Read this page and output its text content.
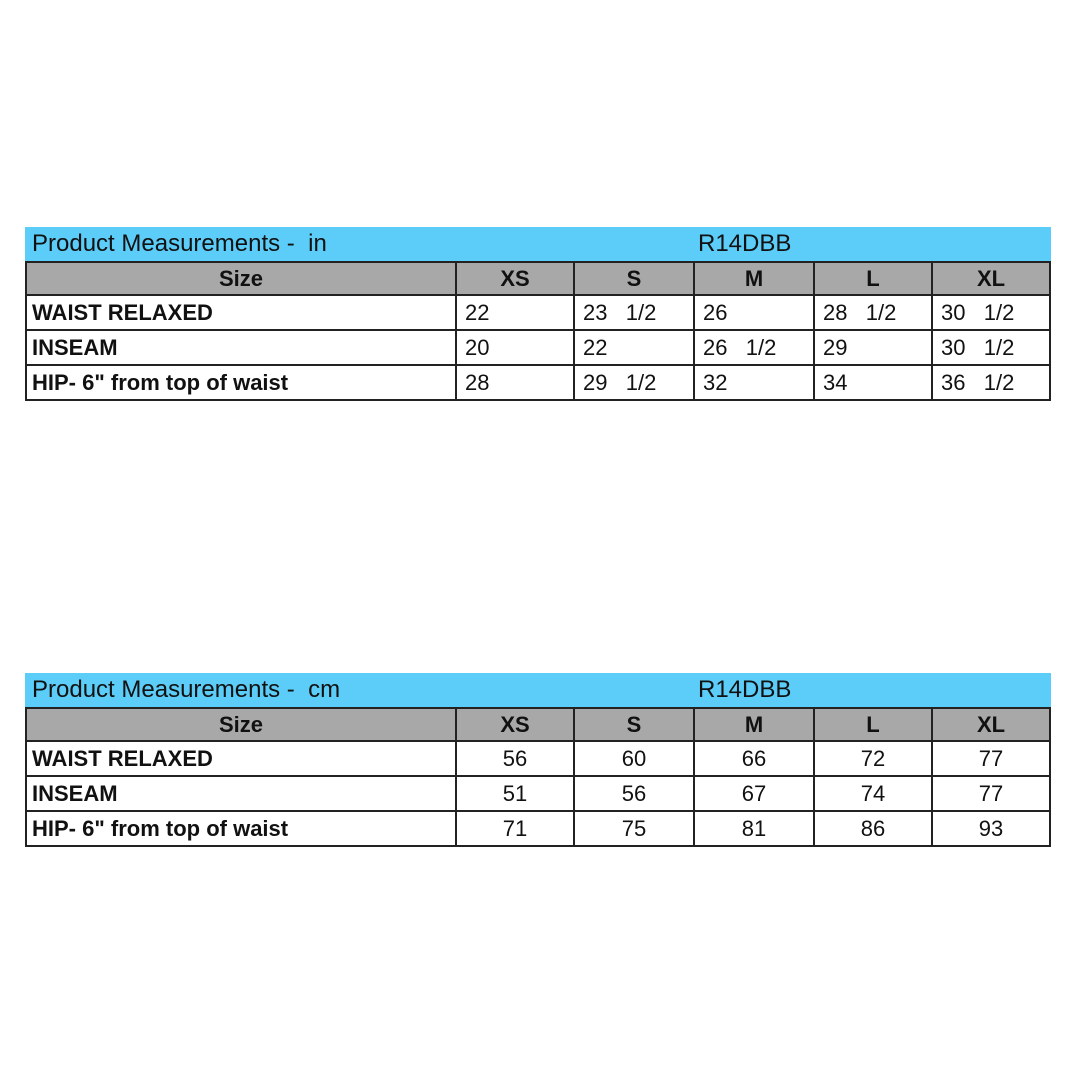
Product Measurements -  in	R14DBB
Size	XS	S	M	L	XL
WAIST RELAXED	22	23   1/2	26	28   1/2	30   1/2
INSEAM	20	22	26   1/2	29	30   1/2
HIP- 6" from top of waist	28	29   1/2	32	34	36   1/2
Product Measurements -  cm	R14DBB
Size	XS	S	M	L	XL
WAIST RELAXED	56	60	66	72	77
INSEAM	51	56	67	74	77
HIP- 6" from top of waist	71	75	81	86	93
